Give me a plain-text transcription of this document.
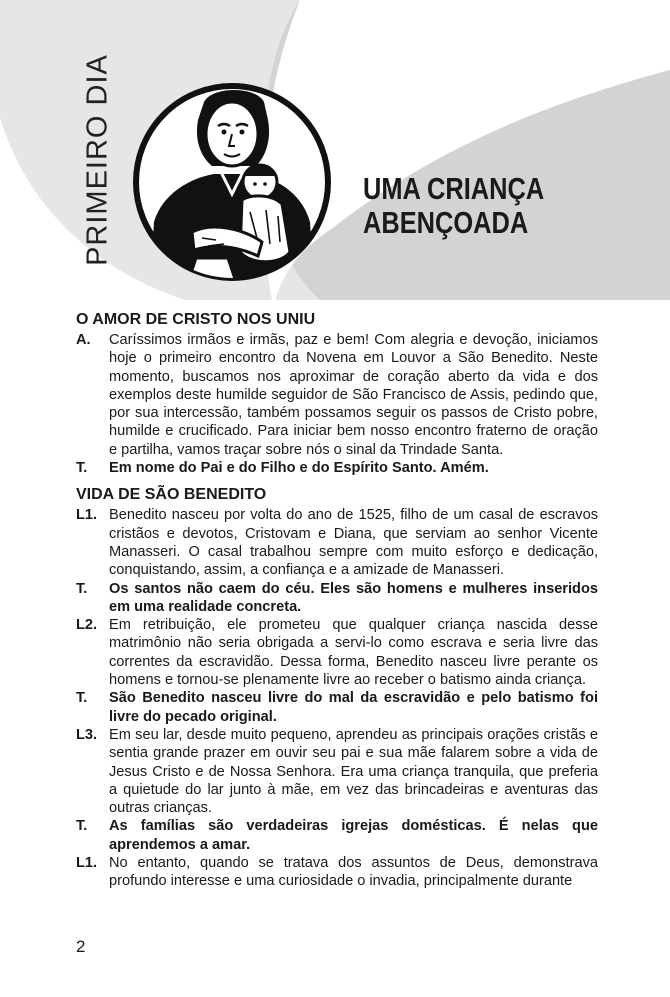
PRIMEIRO DIA	UMA CRIANÇA
ABENÇOADA
O AMOR DE CRISTO NOS UNIU
A.	Caríssimos irmãos e irmãs, paz e bem! Com alegria e devoção, iniciamos hoje o primeiro encontro da Novena em Louvor a São Benedito. Neste momento, buscamos nos aproximar de coração aberto da vida e dos exemplos deste humilde seguidor de São Francisco de Assis, pedindo que, por sua intercessão, também possamos seguir os passos de Cristo pobre, humilde e crucificado. Para iniciar bem nosso encontro fraterno de oração e partilha, vamos traçar sobre nós o sinal da Trindade Santa.
T.	Em nome do Pai e do Filho e do Espírito Santo. Amém.
VIDA DE SÃO BENEDITO
L1. Benedito nasceu por volta do ano de 1525, filho de um casal de escravos cristãos e devotos, Cristovam e Diana, que serviam ao senhor Vicente Manasseri. O casal trabalhou sempre com muito esforço e dedicação, conquistando, assim, a confiança e a amizade de Manasseri.
T.	Os santos não caem do céu. Eles são homens e mulheres inseridos em uma realidade concreta.
L2. Em retribuição, ele prometeu que qualquer criança nascida desse matrimônio não seria obrigada a servi-lo como escrava e seria livre das correntes da escravidão. Dessa forma, Benedito nasceu livre perante os homens e tornou-se plenamente livre ao receber o batismo ainda criança.
T.	São Benedito nasceu livre do mal da escravidão e pelo batismo foi livre do pecado original.
L3. Em seu lar, desde muito pequeno, aprendeu as principais orações cristãs e sentia grande prazer em ouvir seu pai e sua mãe falarem sobre a vida de Jesus Cristo e de Nossa Senhora. Era uma criança tranquila, que preferia a quietude do lar junto à mãe, em vez das brincadeiras e aventuras das outras crianças.
T.	As famílias são verdadeiras igrejas domésticas. É nelas que aprendemos a amar.
L1. No entanto, quando se tratava dos assuntos de Deus, demonstrava profundo interesse e uma curiosidade o invadia, principalmente durante
2
